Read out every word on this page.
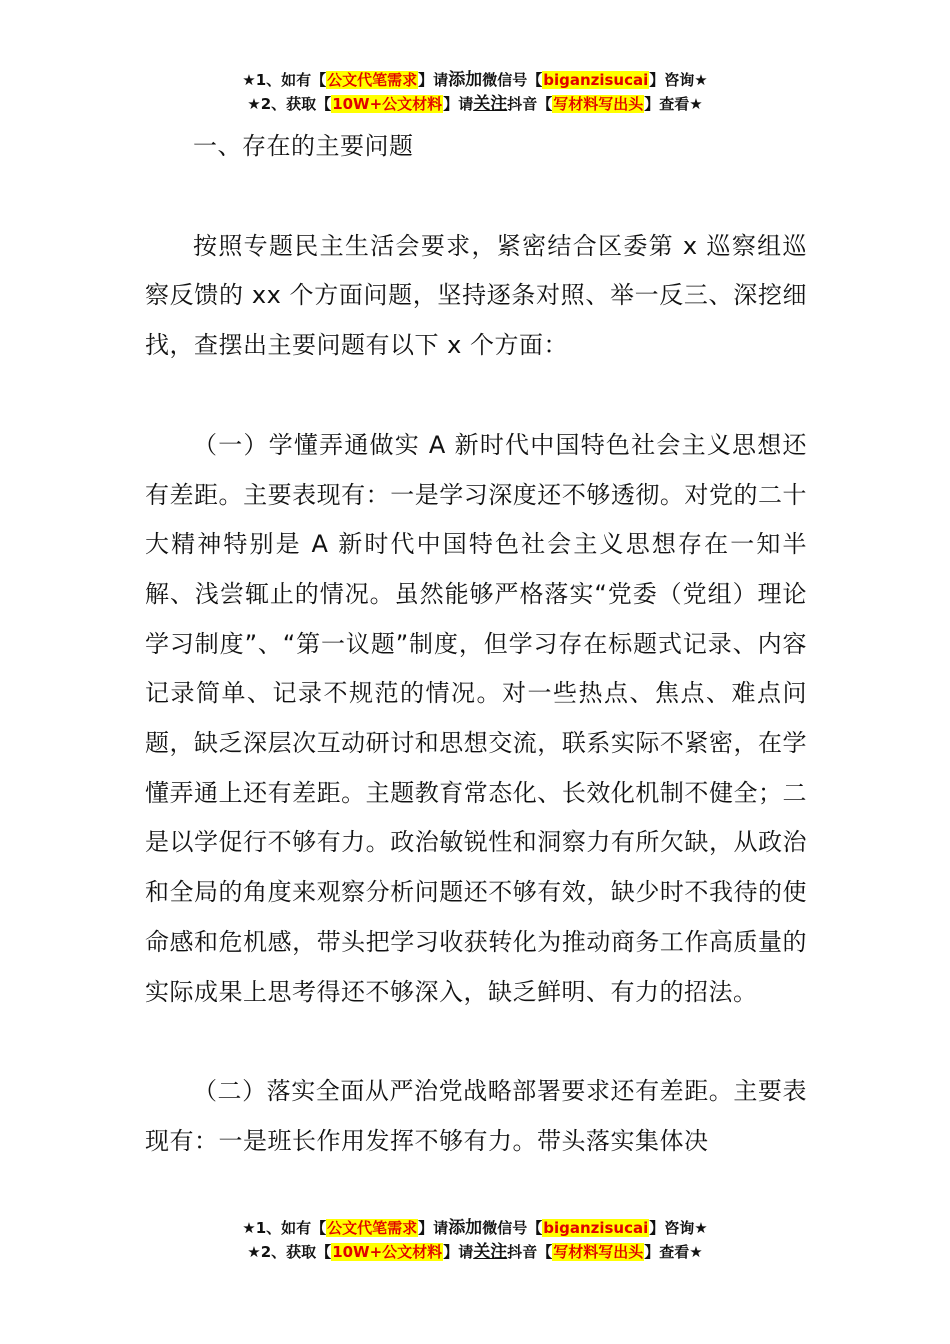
★1、如有【公文代笔需求】请添加微信号【biganzisucai】咨询★
★2、获取【10W+公文材料】请关注抖音【写材料写出头】查看★

一、存在的主要问题

按照专题民主生活会要求，紧密结合区委第 x 巡察组巡察反馈的 xx 个方面问题，坚持逐条对照、举一反三、深挖细找，查摆出主要问题有以下 x 个方面：

（一）学懂弄通做实 A 新时代中国特色社会主义思想还有差距。主要表现有：一是学习深度还不够透彻。对党的二十大精神特别是 A 新时代中国特色社会主义思想存在一知半解、浅尝辄止的情况。虽然能够严格落实“党委（党组）理论学习制度”、“第一议题”制度，但学习存在标题式记录、内容记录简单、记录不规范的情况。对一些热点、焦点、难点问题，缺乏深层次互动研讨和思想交流，联系实际不紧密，在学懂弄通上还有差距。主题教育常态化、长效化机制不健全；二是以学促行不够有力。政治敏锐性和洞察力有所欠缺，从政治和全局的角度来观察分析问题还不够有效，缺少时不我待的使命感和危机感，带头把学习收获转化为推动商务工作高质量的实际成果上思考得还不够深入，缺乏鲜明、有力的招法。

（二）落实全面从严治党战略部署要求还有差距。主要表现有：一是班长作用发挥不够有力。带头落实集体决

★1、如有【公文代笔需求】请添加微信号【biganzisucai】咨询★
★2、获取【10W+公文材料】请关注抖音【写材料写出头】查看★
